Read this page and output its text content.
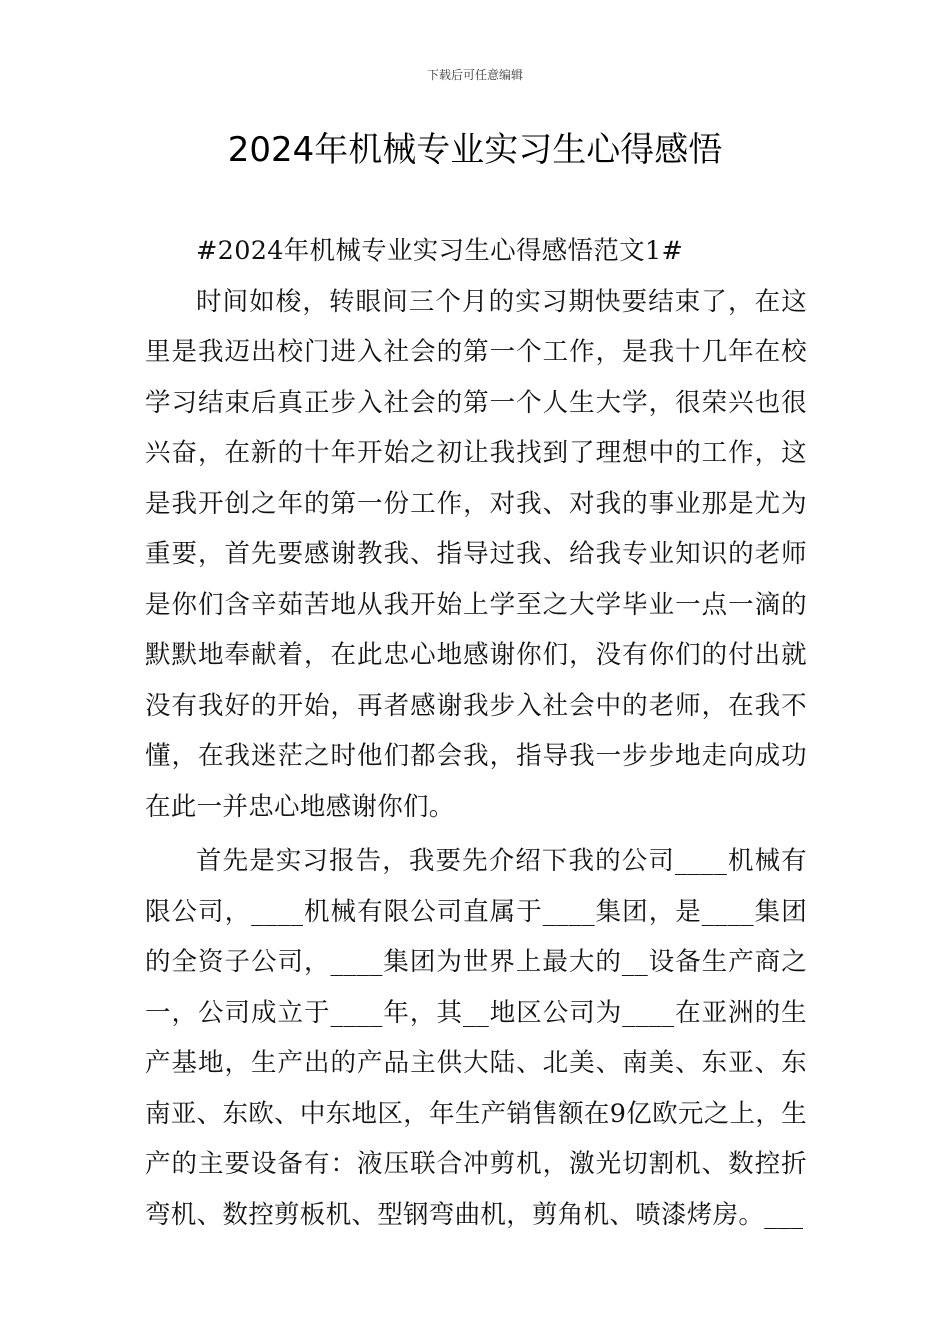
下载后可任意编辑
2024年机械专业实习生心得感悟

#2024年机械专业实习生心得感悟范文1#

时间如梭，转眼间三个月的实习期快要结束了，在这里是我迈出校门进入社会的第一个工作，是我十几年在校学习结束后真正步入社会的第一个人生大学，很荣兴也很兴奋，在新的十年开始之初让我找到了理想中的工作，这是我开创之年的第一份工作，对我、对我的事业那是尤为重要，首先要感谢教我、指导过我、给我专业知识的老师是你们含辛茹苦地从我开始上学至之大学毕业一点一滴的默默地奉献着，在此忠心地感谢你们，没有你们的付出就没有我好的开始，再者感谢我步入社会中的老师，在我不懂，在我迷茫之时他们都会我，指导我一步步地走向成功在此一并忠心地感谢你们。

首先是实习报告，我要先介绍下我的公司____机械有限公司，____机械有限公司直属于____集团，是____集团的全资子公司，____集团为世界上最大的__设备生产商之一，公司成立于____年，其__地区公司为____在亚洲的生产基地，生产出的产品主供大陆、北美、南美、东亚、东南亚、东欧、中东地区，年生产销售额在9亿欧元之上，生产的主要设备有：液压联合冲剪机，激光切割机、数控折弯机、数控剪板机、型钢弯曲机，剪角机、喷漆烤房。___
